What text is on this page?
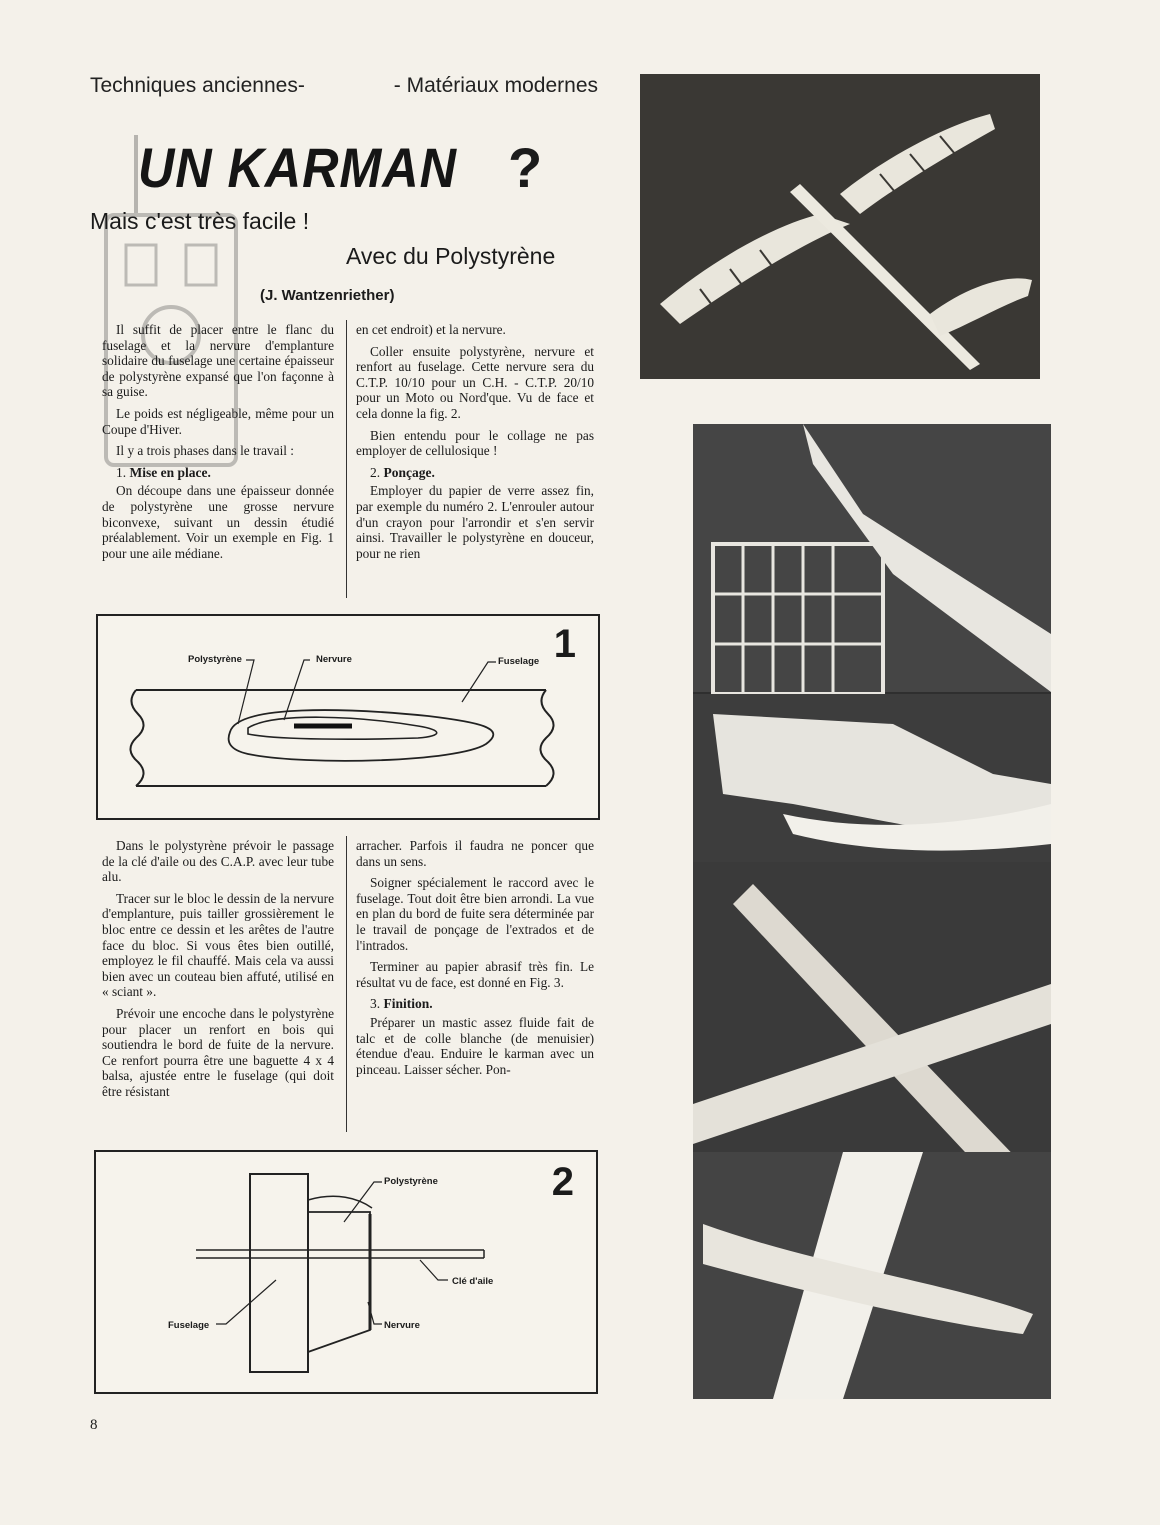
Techniques anciennes-	- Matériaux modernes
UN KARMAN ?
Mais c'est très facile !
Avec du Polystyrène
(J. Wantzenriether)

Il suffit de placer entre le flanc du fuselage et la nervure d'emplanture solidaire du fuselage une certaine épaisseur de polystyrène expansé que l'on façonne à sa guise.

Le poids est négligeable, même pour un Coupe d'Hiver.

Il y a trois phases dans le travail :

1. Mise en place.

On découpe dans une épaisseur donnée de polystyrène une grosse nervure biconvexe, suivant un dessin étudié préalablement. Voir un exemple en Fig. 1 pour une aile médiane.

en cet endroit) et la nervure.

Coller ensuite polystyrène, nervure et renfort au fuselage. Cette nervure sera du C.T.P. 10/10 pour un C.H. - C.T.P. 20/10 pour un Moto ou Nord'que. Vu de face et cela donne la fig. 2.

Bien entendu pour le collage ne pas employer de cellulosique !

2. Ponçage.

Employer du papier de verre assez fin, par exemple du numéro 2. L'enrouler autour d'un crayon pour l'arrondir et s'en servir ainsi. Travailler le polystyrène en douceur, pour ne rien

1
Polystyrène	Nervure	Fuselage

Dans le polystyrène prévoir le passage de la clé d'aile ou des C.A.P. avec leur tube alu.

Tracer sur le bloc le dessin de la nervure d'emplanture, puis tailler grossièrement le bloc entre ce dessin et les arêtes de l'autre face du bloc. Si vous êtes bien outillé, employez le fil chauffé. Mais cela va aussi bien avec un couteau bien affuté, utilisé en « sciant ».

Prévoir une encoche dans le polystyrène pour placer un renfort en bois qui soutiendra le bord de fuite de la nervure. Ce renfort pourra être une baguette 4 x 4 balsa, ajustée entre le fuselage (qui doit être résistant

arracher. Parfois il faudra ne poncer que dans un sens.

Soigner spécialement le raccord avec le fuselage. Tout doit être bien arrondi. La vue en plan du bord de fuite sera déterminée par le travail de ponçage de l'extrados et de l'intrados.

Terminer au papier abrasif très fin. Le résultat vu de face, est donné en Fig. 3.

3. Finition.

Préparer un mastic assez fluide fait de talc et de colle blanche (de menuisier) étendue d'eau. Enduire le karman avec un pinceau. Laisser sécher. Pon-

2
Polystyrène
Clé d'aile
Fuselage	Nervure
8
